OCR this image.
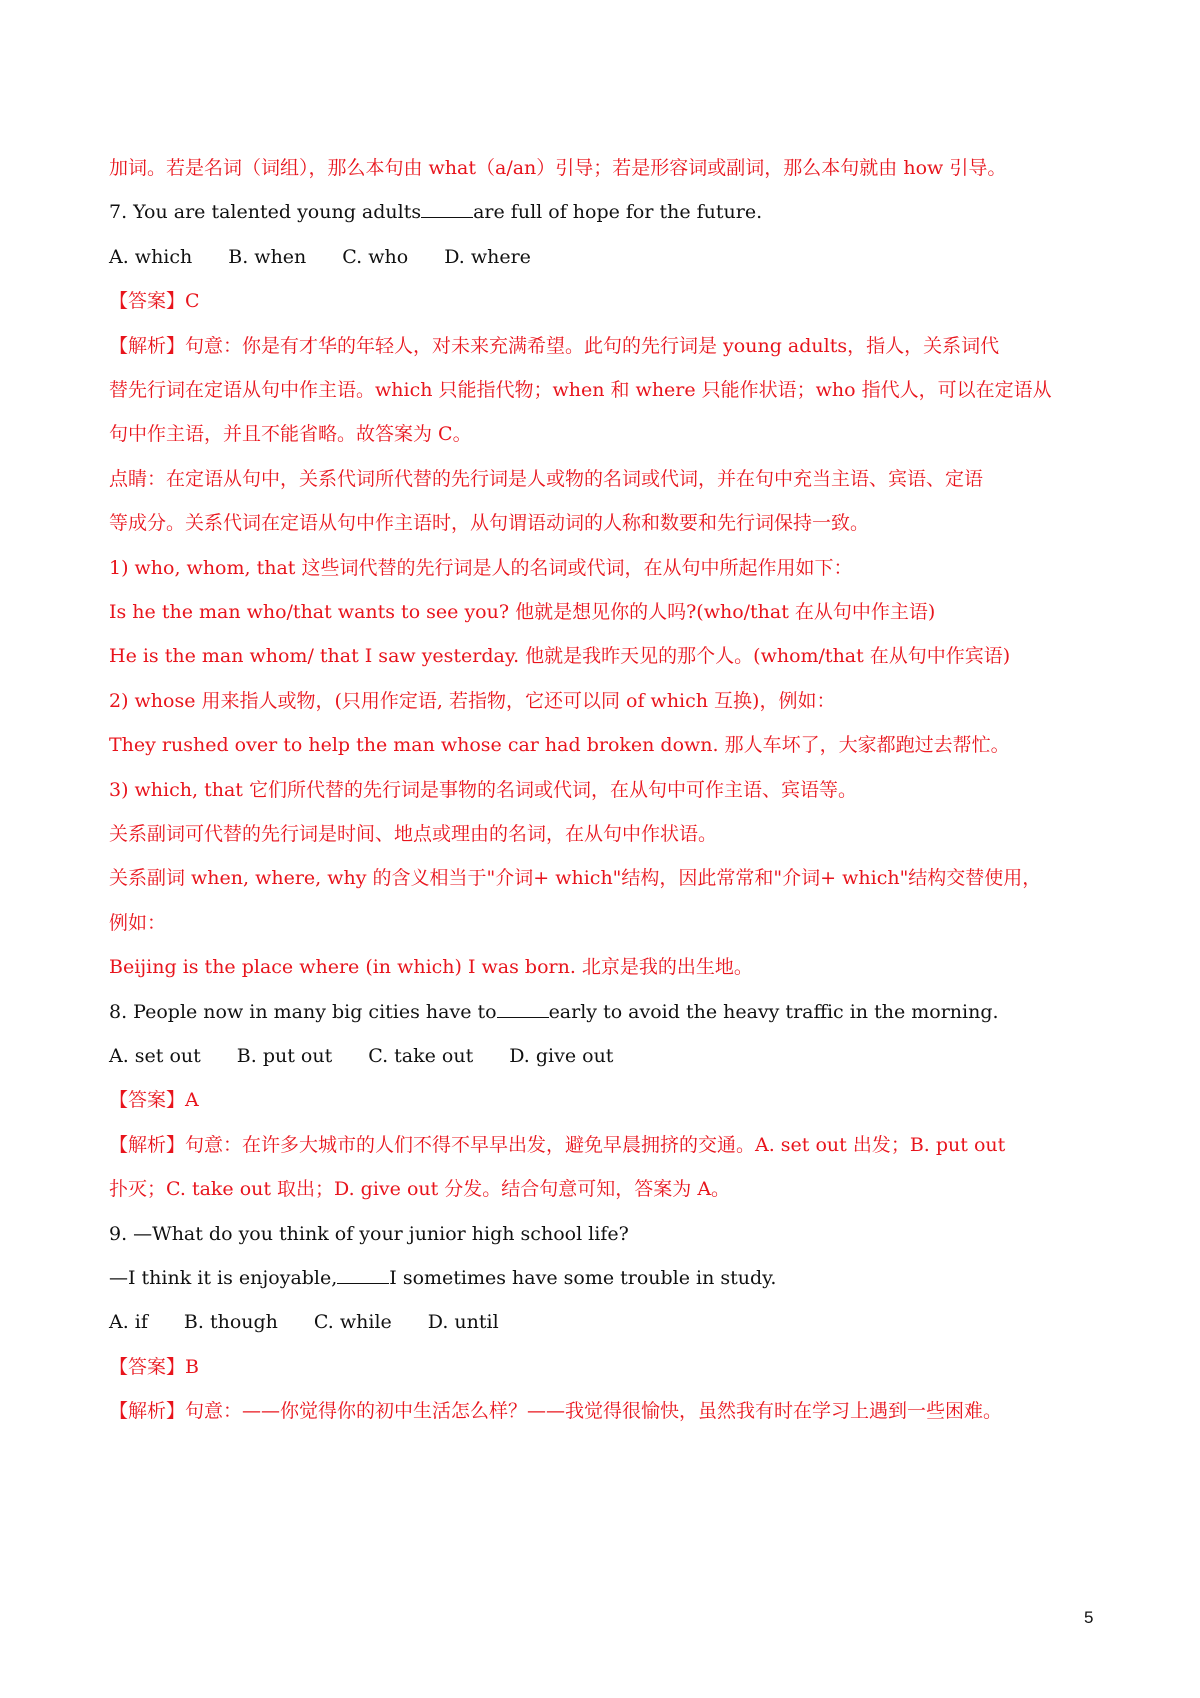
加词。若是名词（词组），那么本句由 what（a/an）引导；若是形容词或副词，那么本句就由 how 引导。
7. You are talented young adults	are full of hope for the future.
A. which B. when C. who D. where
【答案】C
【解析】句意：你是有才华的年轻人，对未来充满希望。此句的先行词是 young adults，指人，关系词代
替先行词在定语从句中作主语。which 只能指代物；when 和 where 只能作状语；who 指代人，可以在定语从
句中作主语，并且不能省略。故答案为 C。
点睛：在定语从句中，关系代词所代替的先行词是人或物的名词或代词，并在句中充当主语、宾语、定语
等成分。关系代词在定语从句中作主语时，从句谓语动词的人称和数要和先行词保持一致。
1) who, whom, that 这些词代替的先行词是人的名词或代词，在从句中所起作用如下：
Is he the man who/that wants to see you? 他就是想见你的人吗?(who/that 在从句中作主语)
He is the man whom/ that I saw yesterday. 他就是我昨天见的那个人。(whom/that 在从句中作宾语)
2) whose 用来指人或物，(只用作定语, 若指物，它还可以同 of which 互换)，例如：
They rushed over to help the man whose car had broken down. 那人车坏了，大家都跑过去帮忙。
3) which, that 它们所代替的先行词是事物的名词或代词，在从句中可作主语、宾语等。
关系副词可代替的先行词是时间、地点或理由的名词，在从句中作状语。
关系副词 when, where, why 的含义相当于"介词+ which"结构，因此常常和"介词+ which"结构交替使用，
例如：
Beijing is the place where (in which) I was born. 北京是我的出生地。
8. People now in many big cities have to	early to avoid the heavy traffic in the morning.
A. set out B. put out C. take out D. give out
【答案】A
【解析】句意：在许多大城市的人们不得不早早出发，避免早晨拥挤的交通。A. set out 出发；B. put out
扑灭；C. take out 取出；D. give out 分发。结合句意可知，答案为 A。
9. —What do you think of your junior high school life?
—I think it is enjoyable,	I sometimes have some trouble in study.
A. if B. though C. while D. until
【答案】B
【解析】句意：——你觉得你的初中生活怎么样？——我觉得很愉快，虽然我有时在学习上遇到一些困难。
5
